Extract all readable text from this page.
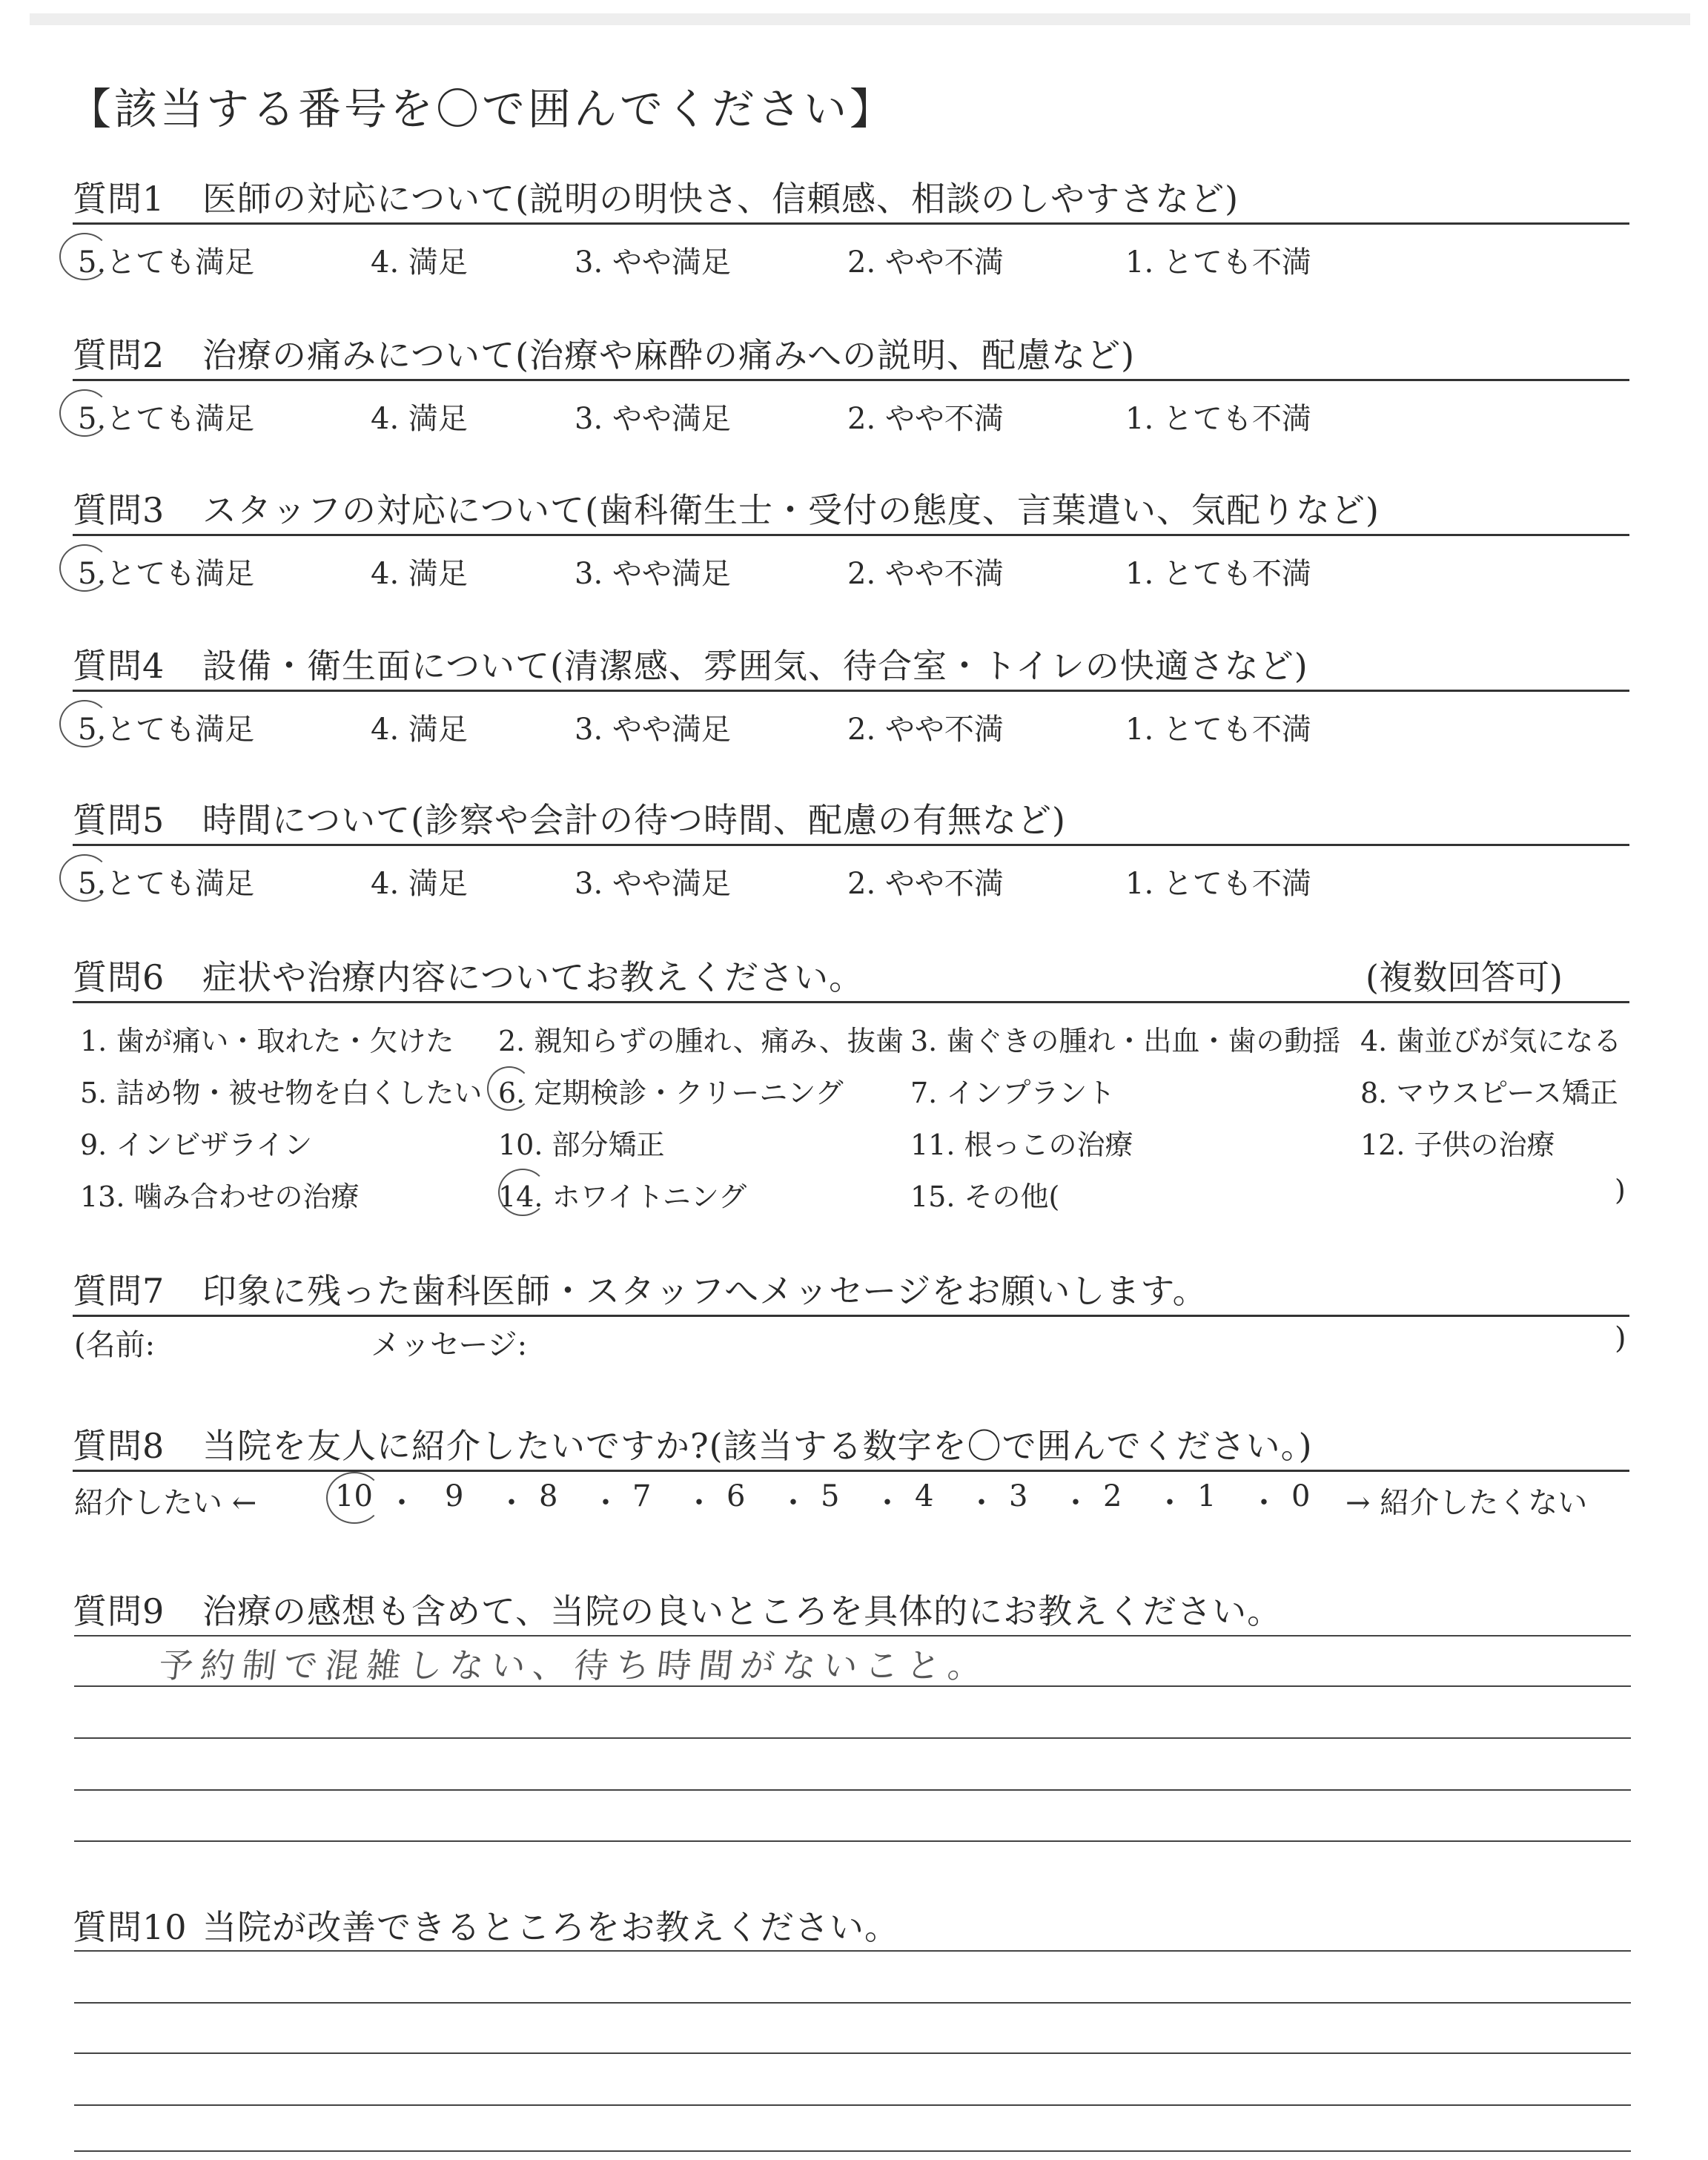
【該当する番号を〇で囲んでください】
質問1 医師の対応について(説明の明快さ、信頼感、相談のしやすさなど)
5.とても満足	4. 満足	3. やや満足	2. やや不満	1. とても不満
質問2 治療の痛みについて(治療や麻酔の痛みへの説明、配慮など)
5.とても満足	4. 満足	3. やや満足	2. やや不満	1. とても不満
質問3 スタッフの対応について(歯科衛生士・受付の態度、言葉遣い、気配りなど)
5.とても満足	4. 満足	3. やや満足	2. やや不満	1. とても不満
質問4 設備・衛生面について(清潔感、雰囲気、待合室・トイレの快適さなど)
5.とても満足	4. 満足	3. やや満足	2. やや不満	1. とても不満
質問5 時間について(診察や会計の待つ時間、配慮の有無など)
5.とても満足	4. 満足	3. やや満足	2. やや不満	1. とても不満
質問6 症状や治療内容についてお教えください。	(複数回答可)
1. 歯が痛い・取れた・欠けた 2. 親知らずの腫れ、痛み、抜歯 3. 歯ぐきの腫れ・出血・歯の動揺 4. 歯並びが気になる
5. 詰め物・被せ物を白くしたい 6. 定期検診・クリーニング 7. インプラント	8. マウスピース矯正
9. インビザライン	10. 部分矯正	11. 根っこの治療	12. 子供の治療
13. 噛み合わせの治療	14. ホワイトニング	15. その他(	)
質問7 印象に残った歯科医師・スタッフへメッセージをお願いします。
(名前:	メッセージ:	)
質問8 当院を友人に紹介したいですか?(該当する数字を〇で囲んでください。)
紹介したい ←	→ 紹介したくない
10 ・ 9 ・ 8 ・ 7 ・ 6 ・ 5 ・ 4 ・ 3 ・ 2 ・ 1 ・ 0
質問9 治療の感想も含めて、当院の良いところを具体的にお教えください。
予約制で混雑しない、待ち時間がないこと。
質問10 当院が改善できるところをお教えください。
